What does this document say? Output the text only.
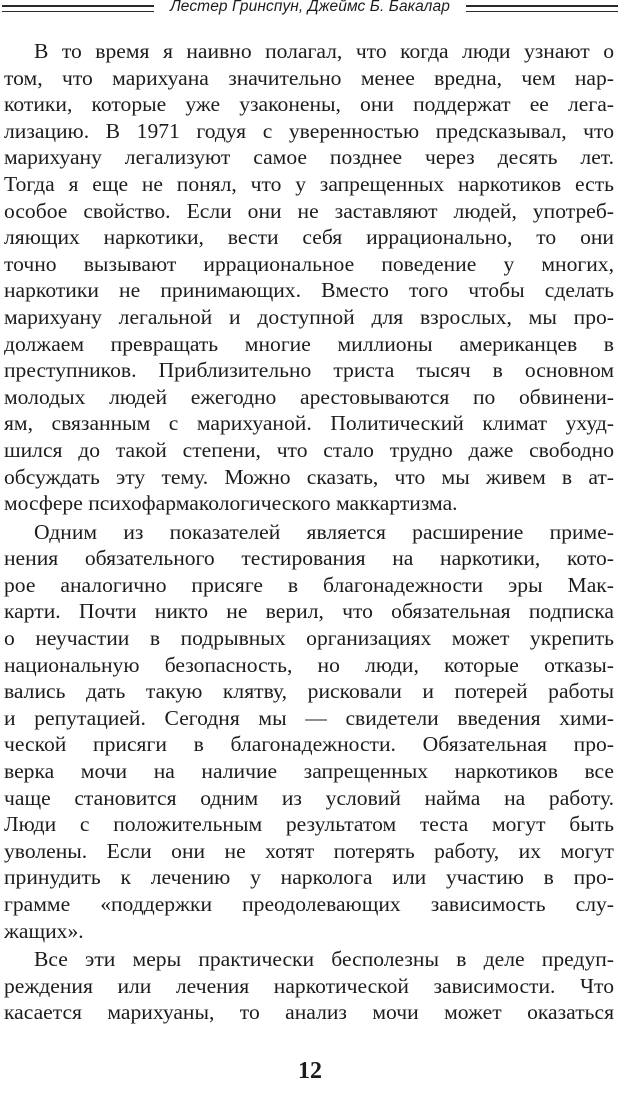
Лестер Гринспун, Джеймс Б. Бакалар
В то время я наивно полагал, что когда люди узнают о
том, что марихуана значительно менее вредна, чем нар-
котики, которые уже узаконены, они поддержат ее лега-
лизацию. В 1971 годуя с уверенностью предсказывал, что
марихуану легализуют самое позднее через десять лет.
Тогда я еще не понял, что у запрещенных наркотиков есть
особое свойство. Если они не заставляют людей, употреб-
ляющих наркотики, вести себя иррационально, то они
точно вызывают иррациональное поведение у многих,
наркотики не принимающих. Вместо того чтобы сделать
марихуану легальной и доступной для взрослых, мы про-
должаем превращать многие миллионы американцев в
преступников. Приблизительно триста тысяч в основном
молодых людей ежегодно арестовываются по обвинени-
ям, связанным с марихуаной. Политический климат ухуд-
шился до такой степени, что стало трудно даже свободно
обсуждать эту тему. Можно сказать, что мы живем в ат-
мосфере психофармакологического маккартизма.
Одним из показателей является расширение приме-
нения обязательного тестирования на наркотики, кото-
рое аналогично присяге в благонадежности эры Мак-
карти. Почти никто не верил, что обязательная подписка
о неучастии в подрывных организациях может укрепить
национальную безопасность, но люди, которые отказы-
вались дать такую клятву, рисковали и потерей работы
и репутацией. Сегодня мы — свидетели введения хими-
ческой присяги в благонадежности. Обязательная про-
верка мочи на наличие запрещенных наркотиков все
чаще становится одним из условий найма на работу.
Люди с положительным результатом теста могут быть
уволены. Если они не хотят потерять работу, их могут
принудить к лечению у нарколога или участию в про-
грамме «поддержки преодолевающих зависимость слу-
жащих».
Все эти меры практически бесполезны в деле предуп-
реждения или лечения наркотической зависимости. Что
касается марихуаны, то анализ мочи может оказаться
12
